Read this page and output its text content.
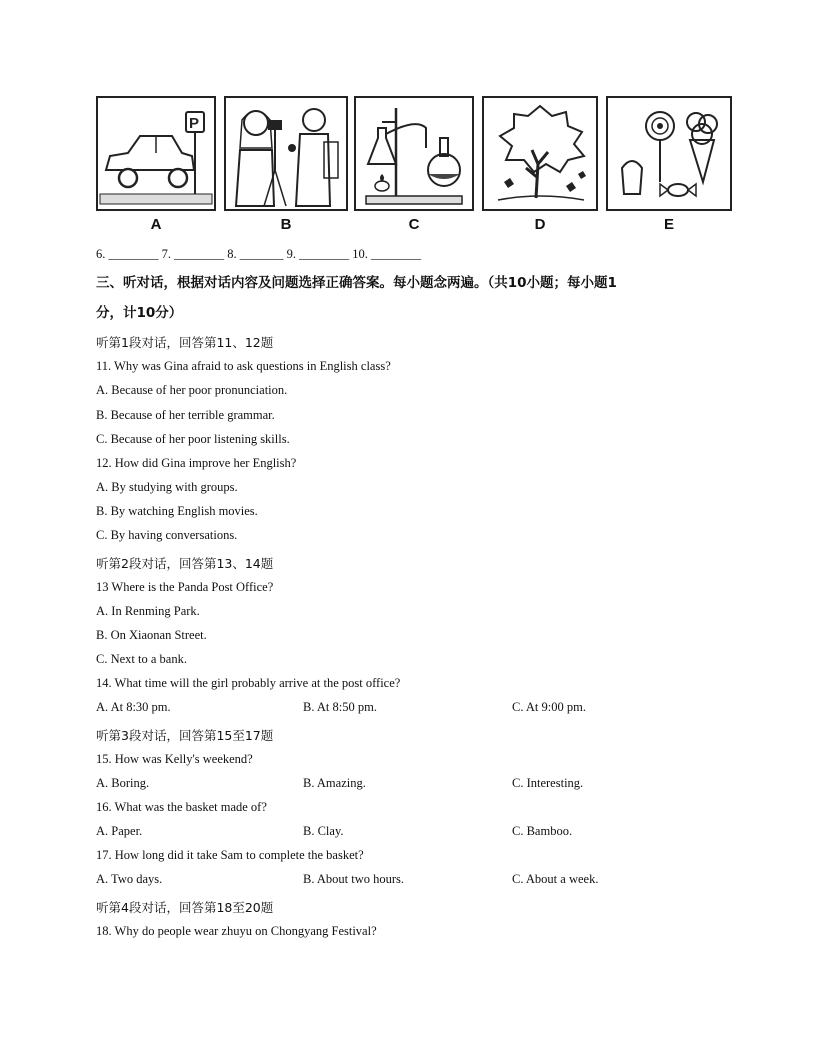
P
A	B	C	D	E
6. ________ 7. ________ 8. _______ 9. ________ 10. ________
三、听对话，根据对话内容及问题选择正确答案。每小题念两遍。（共10小题；每小题1
分，计10分）
听第1段对话，回答第11、12题
11. Why was Gina afraid to ask questions in English class?
A. Because of her poor pronunciation.
B. Because of her terrible grammar.
C. Because of her poor listening skills.
12. How did Gina improve her English?
A. By studying with groups.
B. By watching English movies.
C. By having conversations.
听第2段对话，回答第13、14题
13 Where is the Panda Post Office?
A. In Renming Park.
B. On Xiaonan Street.
C. Next to a bank.
14. What time will the girl probably arrive at the post office?
A. At 8:30 pm.	B. At 8:50 pm.	C. At 9:00 pm.
听第3段对话，回答第15至17题
15. How was Kelly's weekend?
A. Boring.	B. Amazing.	C. Interesting.
16. What was the basket made of?
A. Paper.	B. Clay.	C. Bamboo.
17. How long did it take Sam to complete the basket?
A. Two days.	B. About two hours.	C. About a week.
听第4段对话，回答第18至20题
18. Why do people wear zhuyu on Chongyang Festival?
